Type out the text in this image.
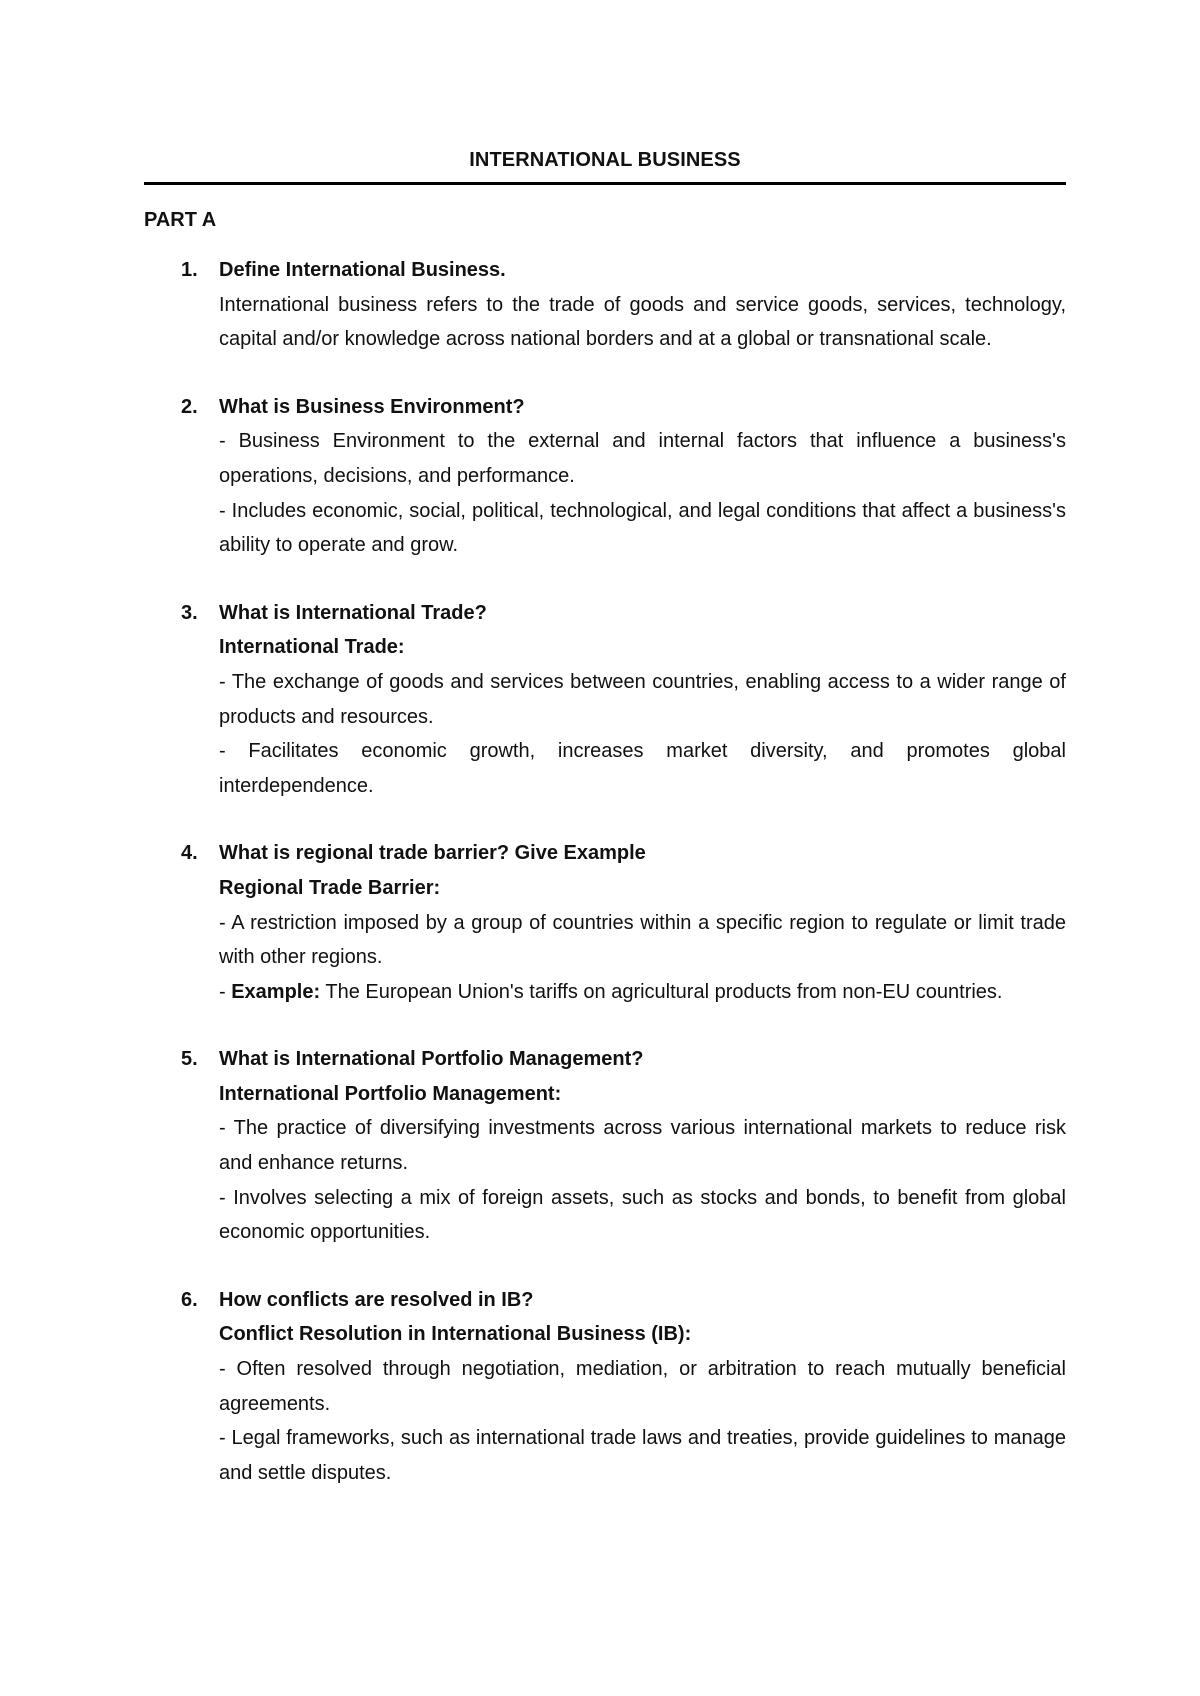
INTERNATIONAL BUSINESS
PART A
1. Define International Business.
International business refers to the trade of goods and service goods, services, technology, capital and/or knowledge across national borders and at a global or transnational scale.
2. What is Business Environment?
- Business Environment to the external and internal factors that influence a business's operations, decisions, and performance.
- Includes economic, social, political, technological, and legal conditions that affect a business's ability to operate and grow.
3. What is International Trade?
International Trade:
- The exchange of goods and services between countries, enabling access to a wider range of products and resources.
- Facilitates economic growth, increases market diversity, and promotes global interdependence.
4. What is regional trade barrier? Give Example
Regional Trade Barrier:
- A restriction imposed by a group of countries within a specific region to regulate or limit trade with other regions.
- Example: The European Union's tariffs on agricultural products from non-EU countries.
5. What is International Portfolio Management?
International Portfolio Management:
- The practice of diversifying investments across various international markets to reduce risk and enhance returns.
- Involves selecting a mix of foreign assets, such as stocks and bonds, to benefit from global economic opportunities.
6. How conflicts are resolved in IB?
Conflict Resolution in International Business (IB):
- Often resolved through negotiation, mediation, or arbitration to reach mutually beneficial agreements.
- Legal frameworks, such as international trade laws and treaties, provide guidelines to manage and settle disputes.
